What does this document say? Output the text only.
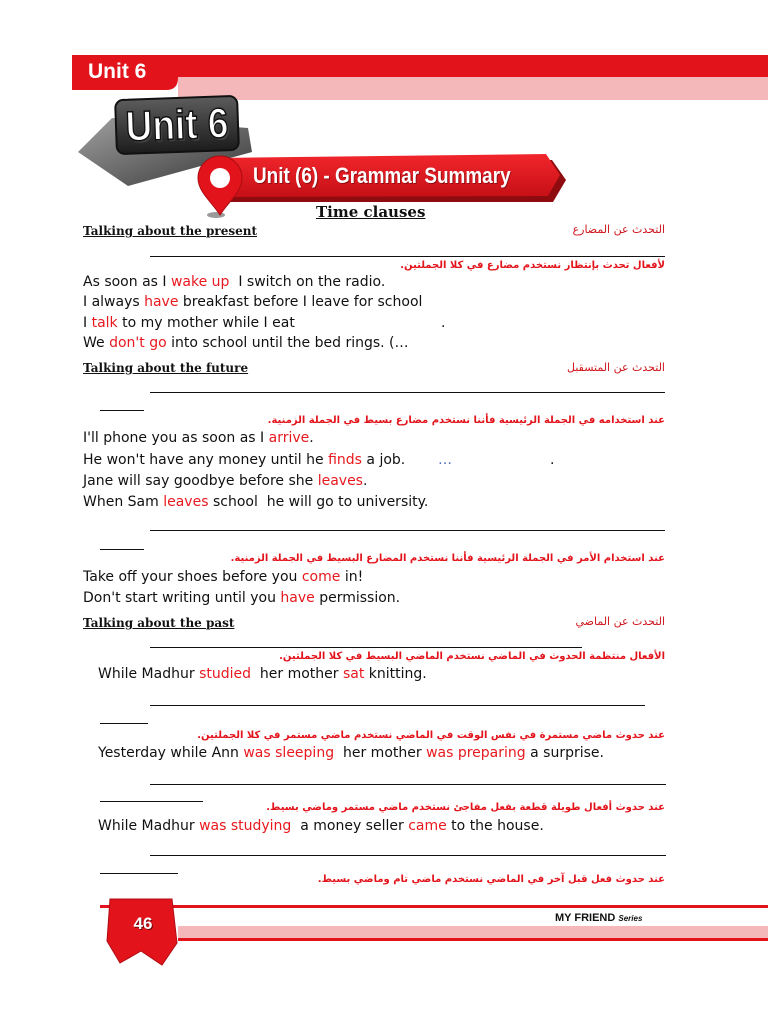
Unit 6
Unit 6
Unit (6) - Grammar Summary
Time clauses
Talking about the present	التحدث عن المضارع
لأفعال تحدث بإنتظار نستخدم مضارع في كلا الجملتين.
As soon as I wake up  I switch on the radio.
I always have breakfast before I leave for school
I talk to my mother while I eat	.
We don't go into school until the bed rings. (…
Talking about the future	التحدث عن المتسقبل
عند استخدامه في الجملة الرئيسية فأننا نستخدم مضارع بسيط في الجملة الزمنية.
I'll phone you as soon as I arrive.
He won't have any money until he finds a job. …	.
Jane will say goodbye before she leaves.
When Sam leaves school  he will go to university.
عند استخدام الأمر في الجملة الرئيسية فأننا نستخدم المضارع البسيط في الجملة الزمنية.
Take off your shoes before you come in!
Don't start writing until you have permission.
Talking about the past	التحدث عن الماضي
الأفعال منتظمة الحدوث في الماضي نستخدم الماضي البسيط في كلا الجملتين.
While Madhur studied  her mother sat knitting.
عند حدوث ماضي مستمرة في نفس الوقت في الماضي نستخدم ماضي مستمر في كلا الجملتين.
Yesterday while Ann was sleeping  her mother was preparing a surprise.
عند حدوث أفعال طويلة قطعة بفعل مفاجئ نستخدم ماضي مستمر وماضي بسيط.
While Madhur was studying  a money seller came to the house.
عند حدوث فعل قبل آخر في الماضي نستخدم ماضي تام وماضي بسيط.
46	MY FRIEND Series
